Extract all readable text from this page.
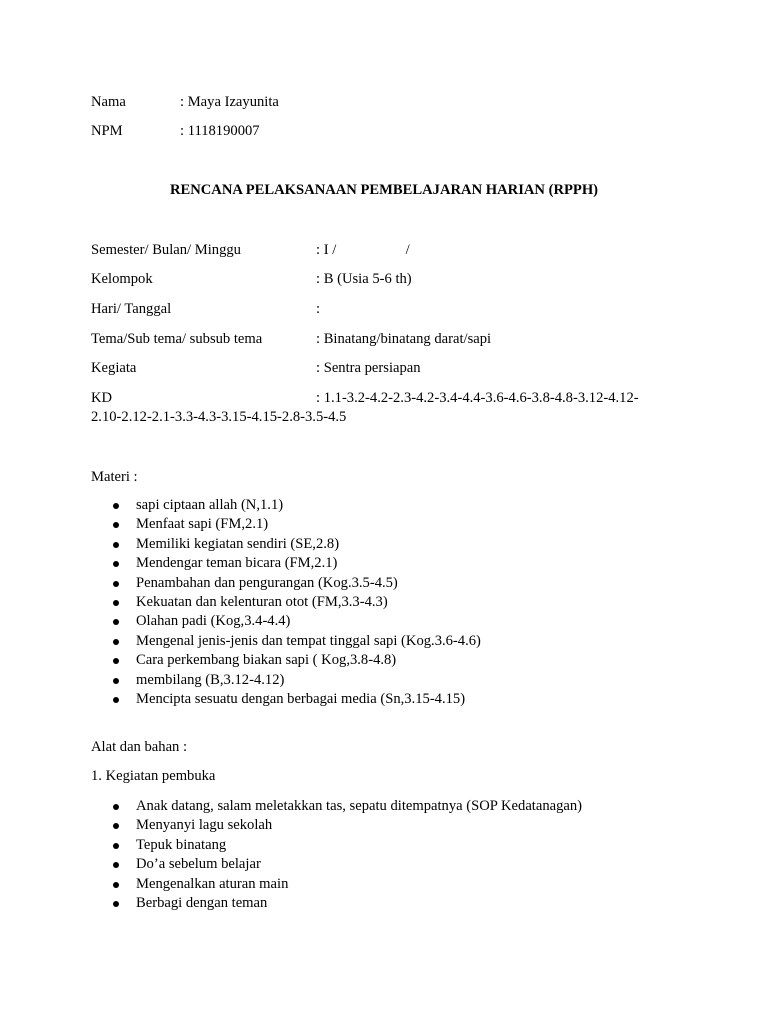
Nama	: Maya Izayunita
NPM	: 1118190007
RENCANA PELAKSANAAN PEMBELAJARAN HARIAN (RPPH)
Semester/ Bulan/ Minggu	: I /                   /
Kelompok	: B (Usia 5-6 th)
Hari/ Tanggal	:
Tema/Sub tema/ subsub tema	: Binatang/binatang darat/sapi
Kegiata	: Sentra persiapan
KD	: 1.1-3.2-4.2-2.3-4.2-3.4-4.4-3.6-4.6-3.8-4.8-3.12-4.12-2.10-2.12-2.1-3.3-4.3-3.15-4.15-2.8-3.5-4.5

Materi :
sapi ciptaan allah (N,1.1)
Menfaat sapi (FM,2.1)
Memiliki kegiatan sendiri (SE,2.8)
Mendengar teman bicara (FM,2.1)
Penambahan dan pengurangan (Kog.3.5-4.5)
Kekuatan dan kelenturan otot (FM,3.3-4.3)
Olahan padi (Kog,3.4-4.4)
Mengenal jenis-jenis dan tempat tinggal sapi (Kog.3.6-4.6)
Cara perkembang biakan sapi ( Kog,3.8-4.8)
membilang (B,3.12-4.12)
Mencipta sesuatu dengan berbagai media (Sn,3.15-4.15)
Alat dan bahan :
1. Kegiatan pembuka
Anak datang, salam meletakkan tas, sepatu ditempatnya (SOP Kedatanagan)
Menyanyi lagu sekolah
Tepuk binatang
Do’a sebelum belajar
Mengenalkan aturan main
Berbagi dengan teman
